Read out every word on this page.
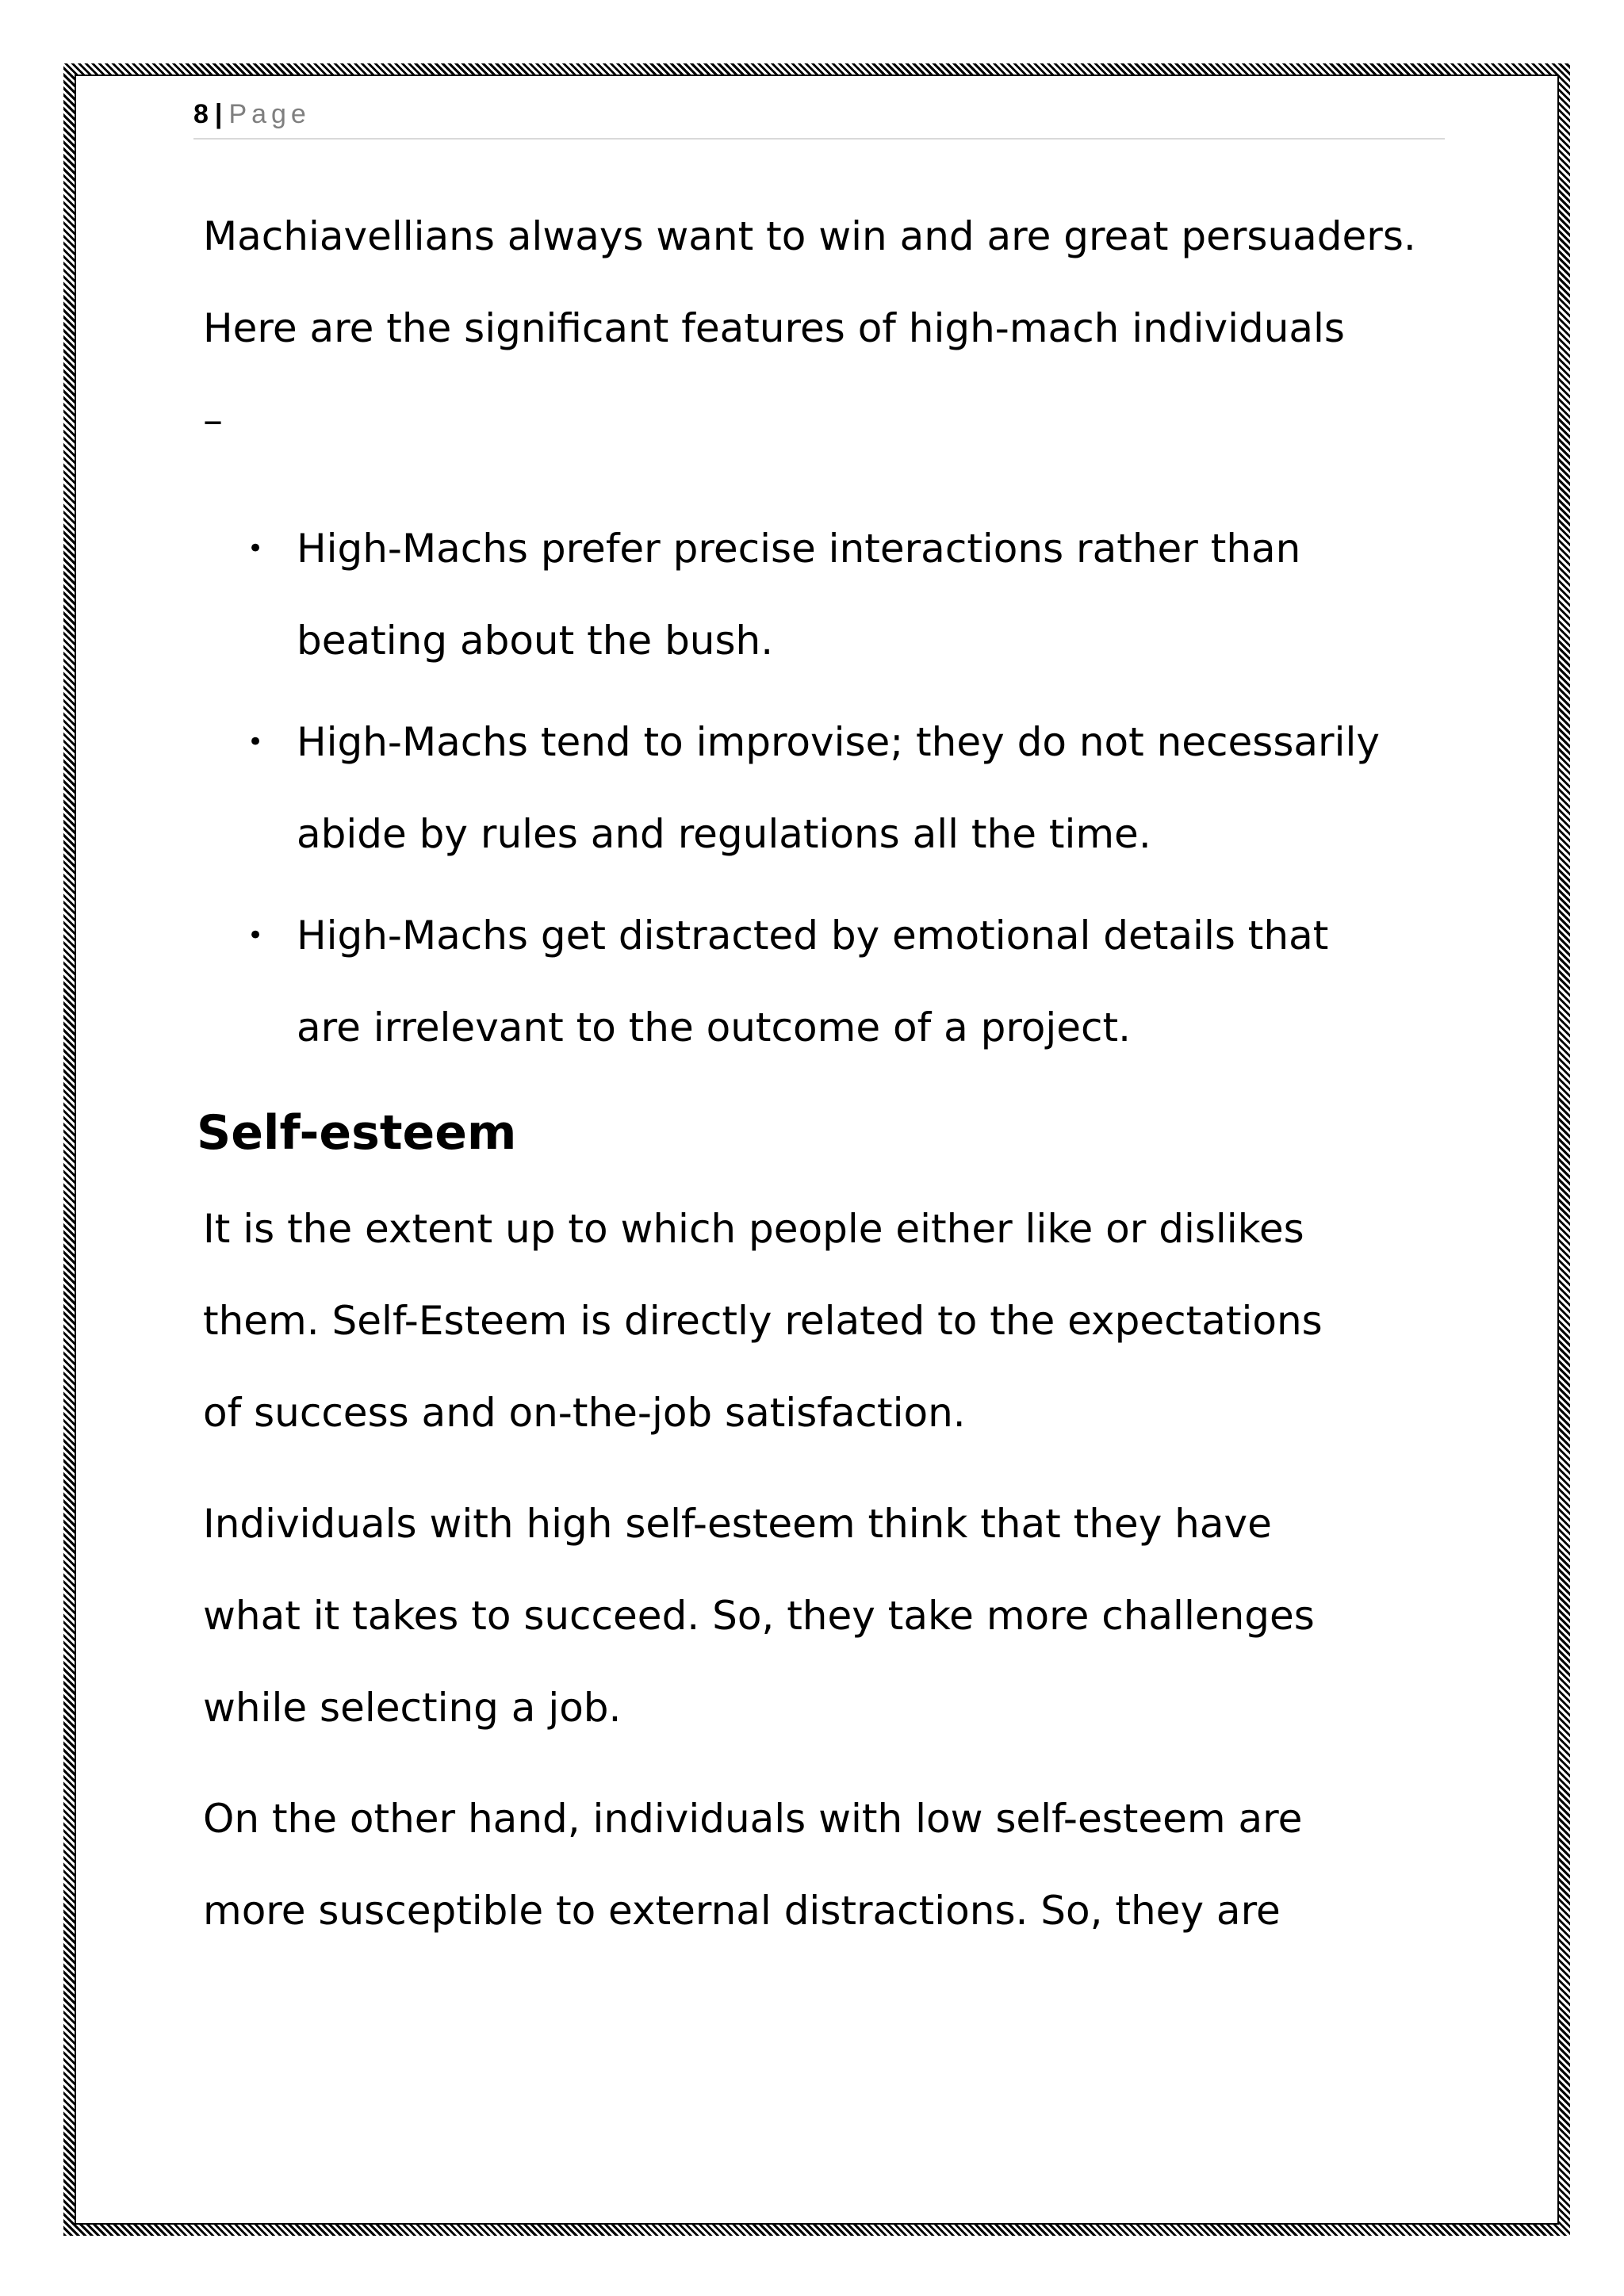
8 | Page

Machiavellians always want to win and are great persuaders.

Here are the significant features of high-mach individuals

–

• High-Machs prefer precise interactions rather than
beating about the bush.
• High-Machs tend to improvise; they do not necessarily
abide by rules and regulations all the time.
• High-Machs get distracted by emotional details that
are irrelevant to the outcome of a project.
Self-esteem

It is the extent up to which people either like or dislikes

them. Self-Esteem is directly related to the expectations

of success and on-the-job satisfaction.

Individuals with high self-esteem think that they have

what it takes to succeed. So, they take more challenges

while selecting a job.

On the other hand, individuals with low self-esteem are

more susceptible to external distractions. So, they are
